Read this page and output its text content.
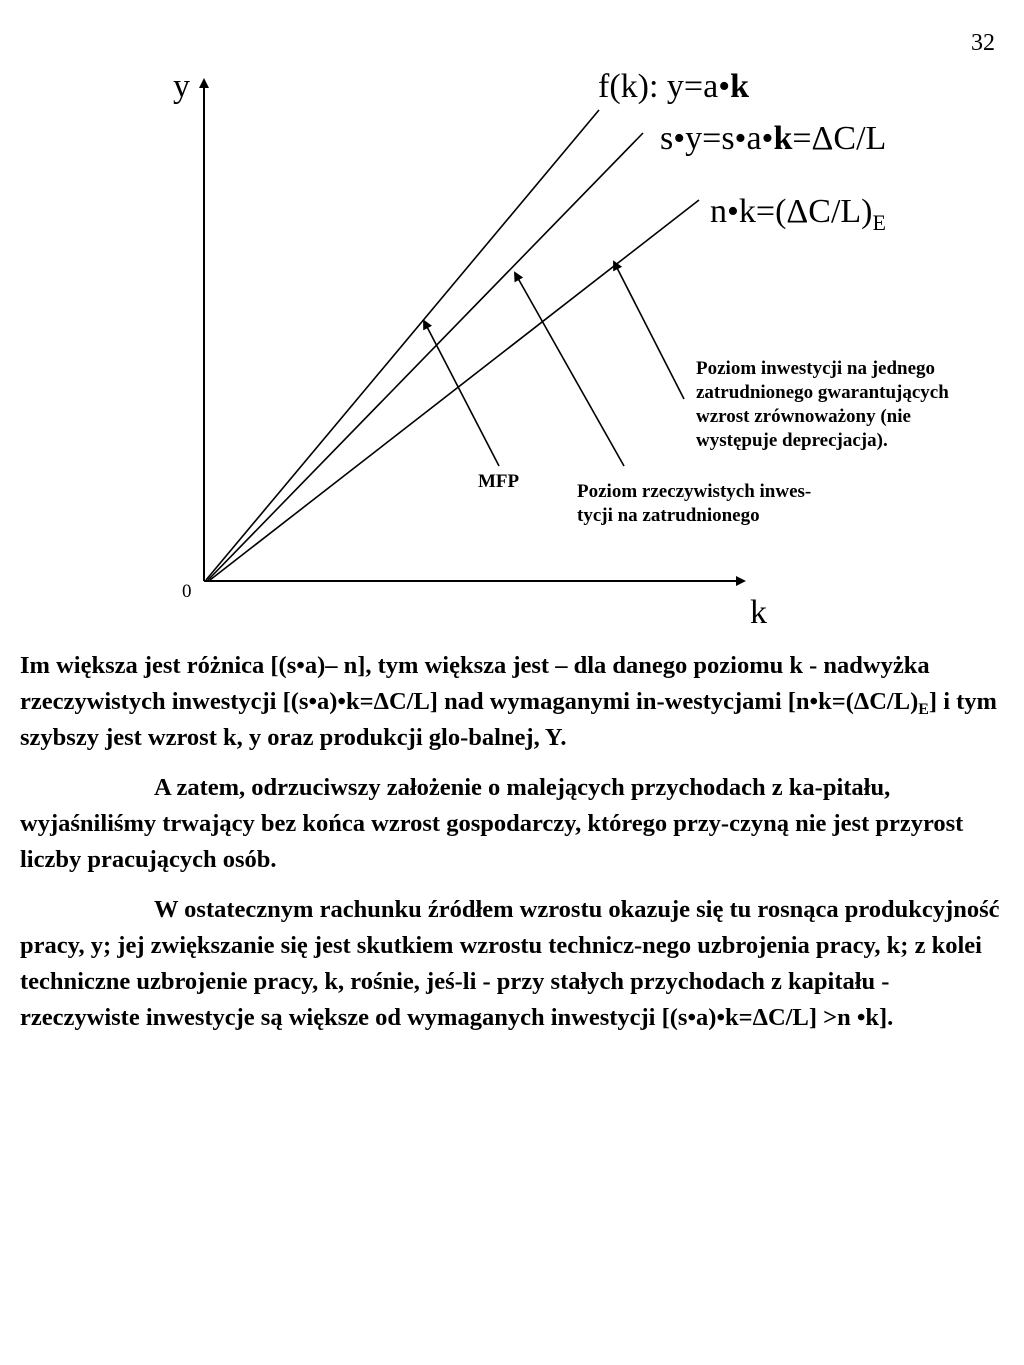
32
y
k
0
f(k): y=a•k
s•y=s•a•k=ΔC/L
$n•k=(\Delta C/L)_E$
MFP	Poziom rzeczywistych inwes-
tycji na zatrudnionego
Poziom inwestycji na jednego
zatrudnionego gwarantujących
wzrost zrównoważony (nie
występuje deprecjacja).

Im większa jest różnica [(s•a)– n], tym większa jest – dla danego poziomu k - nadwyżka rzeczywistych inwestycji [(s•a)•k=ΔC/L] nad wymaganymi in-westycjami $[n•k=(\Delta C/L)_E]$ i tym szybszy jest wzrost k, y oraz produkcji glo-balnej, Y.

A zatem, odrzuciwszy założenie o malejących przychodach z ka-pitału, wyjaśniliśmy trwający bez końca wzrost gospodarczy, którego przy-czyną nie jest przyrost liczby pracujących osób.

W ostatecznym rachunku źródłem wzrostu okazuje się tu rosnąca produkcyjność pracy, y; jej zwiększanie się jest skutkiem wzrostu technicz-nego uzbrojenia pracy, k; z kolei techniczne uzbrojenie pracy, k, rośnie, jeś-li - przy stałych przychodach z kapitału - rzeczywiste inwestycje są większe od wymaganych inwestycji [(s•a)•k=ΔC/L] >n •k].
